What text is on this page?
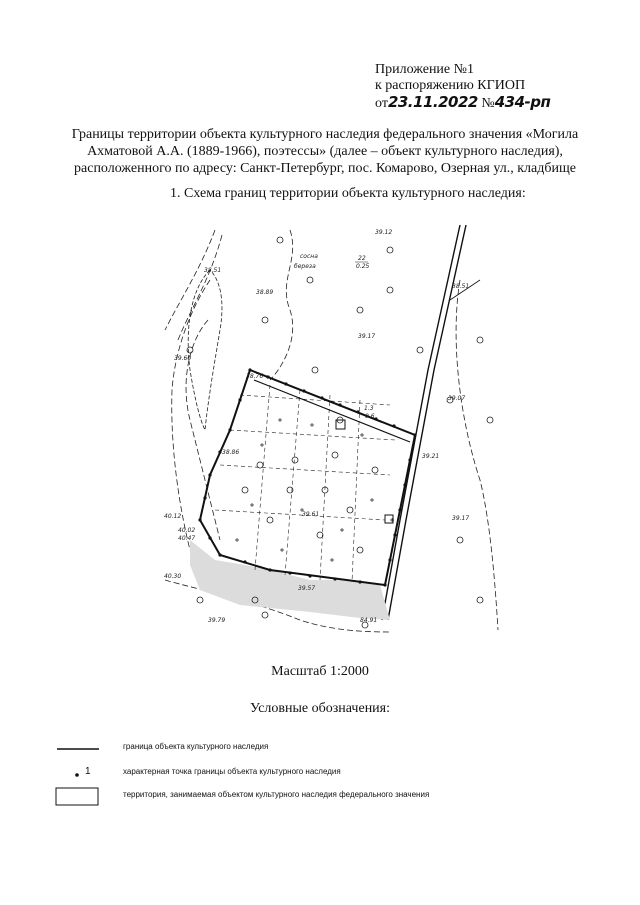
Приложение №1
к распоряжению КГИОП
от23.11.2022 №434-рп
Границы территории объекта культурного наследия федерального значения «Могила Ахматовой А.А. (1889-1966), поэтессы» (далее – объект культурного наследия), расположенного по адресу: Санкт-Петербург, пос. Комарово, Озерная ул., кладбище
1. Схема границ территории объекта культурного наследия:
39.12
38.51
38.89
39.17
39.60
38.76
38.86
39.07
39.21
39.17
40.12
40.02
40.47
40.30
39.61
39.57
39.79	84.91
38.51
сосна
береза
22
0.25
1.3
0.6
Масштаб 1:2000
Условные обозначения:
граница объекта культурного наследия
1	характерная точка границы объекта культурного наследия
территория, занимаемая объектом культурного наследия федерального значения
